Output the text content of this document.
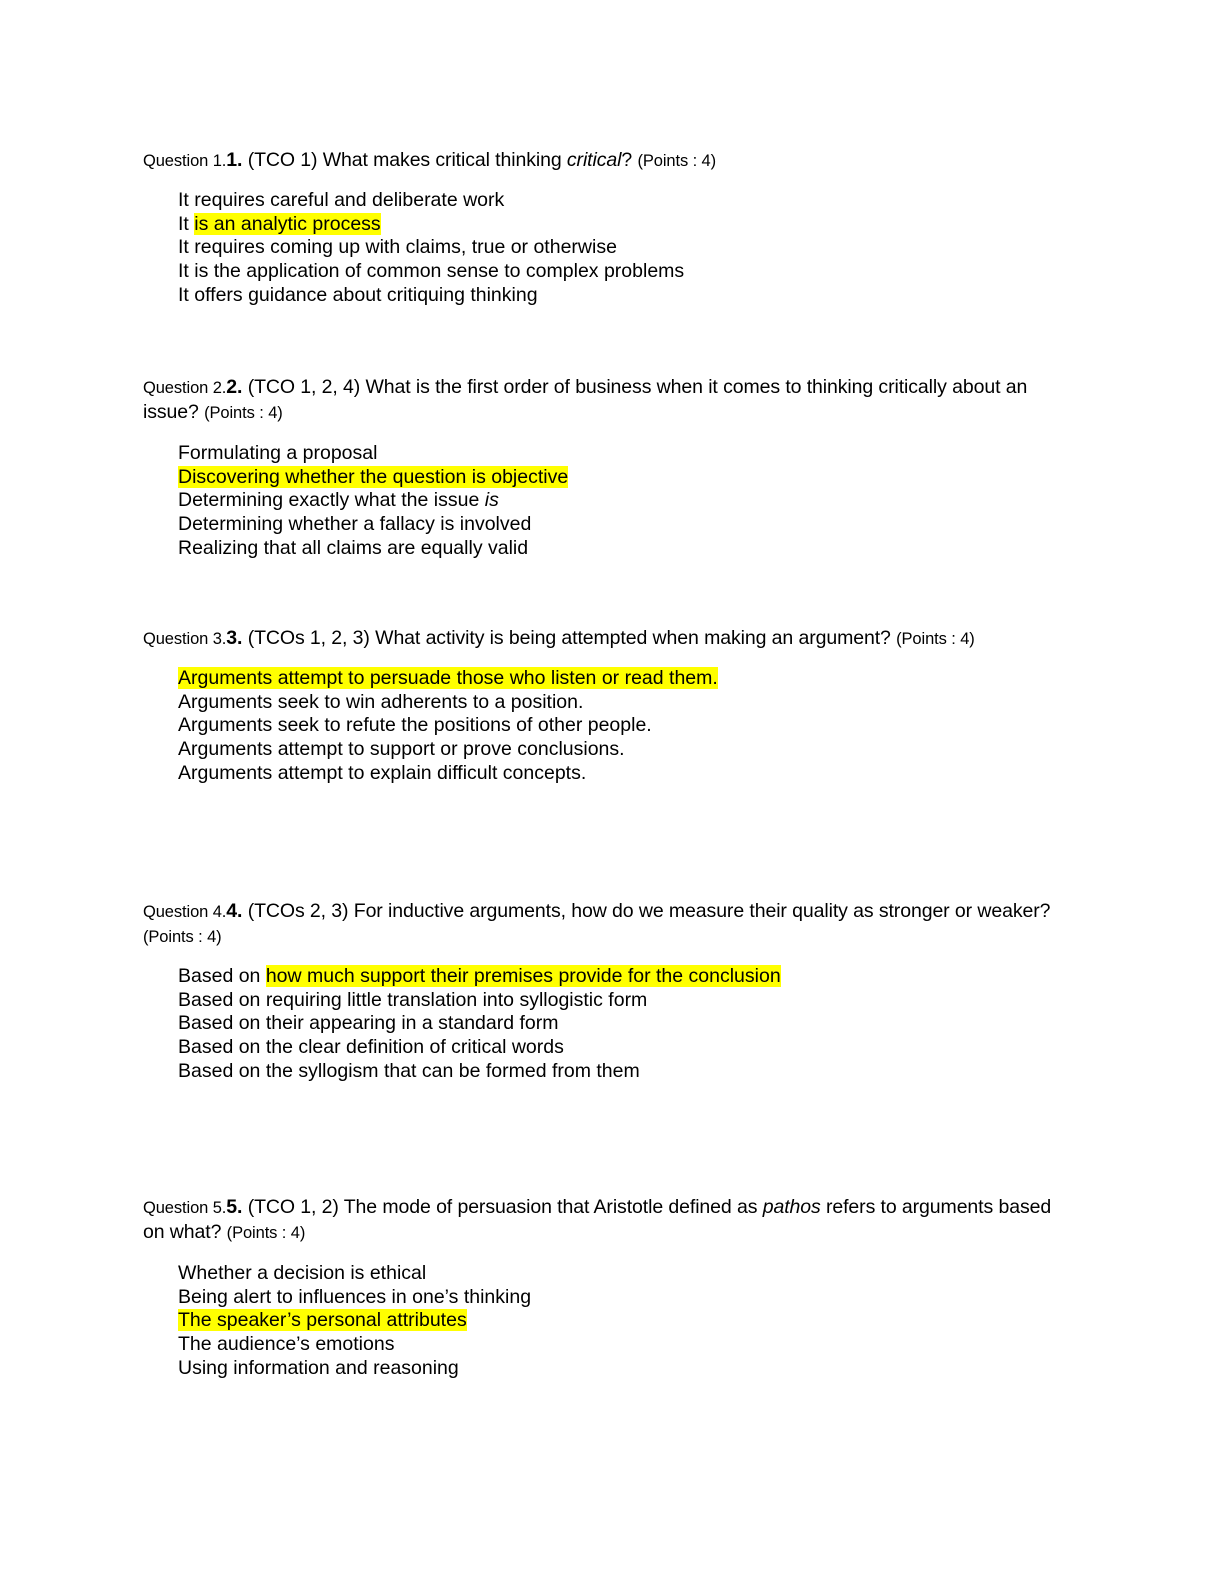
Question 1.1. (TCO 1) What makes critical thinking critical? (Points : 4)
It requires careful and deliberate work
It is an analytic process
It requires coming up with claims, true or otherwise
It is the application of common sense to complex problems
It offers guidance about critiquing thinking
Question 2.2. (TCO 1, 2, 4) What is the first order of business when it comes to thinking critically about an issue? (Points : 4)
Formulating a proposal
Discovering whether the question is objective
Determining exactly what the issue is
Determining whether a fallacy is involved
Realizing that all claims are equally valid
Question 3.3. (TCOs 1, 2, 3) What activity is being attempted when making an argument? (Points : 4)
Arguments attempt to persuade those who listen or read them.
Arguments seek to win adherents to a position.
Arguments seek to refute the positions of other people.
Arguments attempt to support or prove conclusions.
Arguments attempt to explain difficult concepts.
Question 4.4. (TCOs 2, 3) For inductive arguments, how do we measure their quality as stronger or weaker? (Points : 4)
Based on how much support their premises provide for the conclusion
Based on requiring little translation into syllogistic form
Based on their appearing in a standard form
Based on the clear definition of critical words
Based on the syllogism that can be formed from them
Question 5.5. (TCO 1, 2) The mode of persuasion that Aristotle defined as pathos refers to arguments based on what? (Points : 4)
Whether a decision is ethical
Being alert to influences in one’s thinking
The speaker’s personal attributes
The audience’s emotions
Using information and reasoning
